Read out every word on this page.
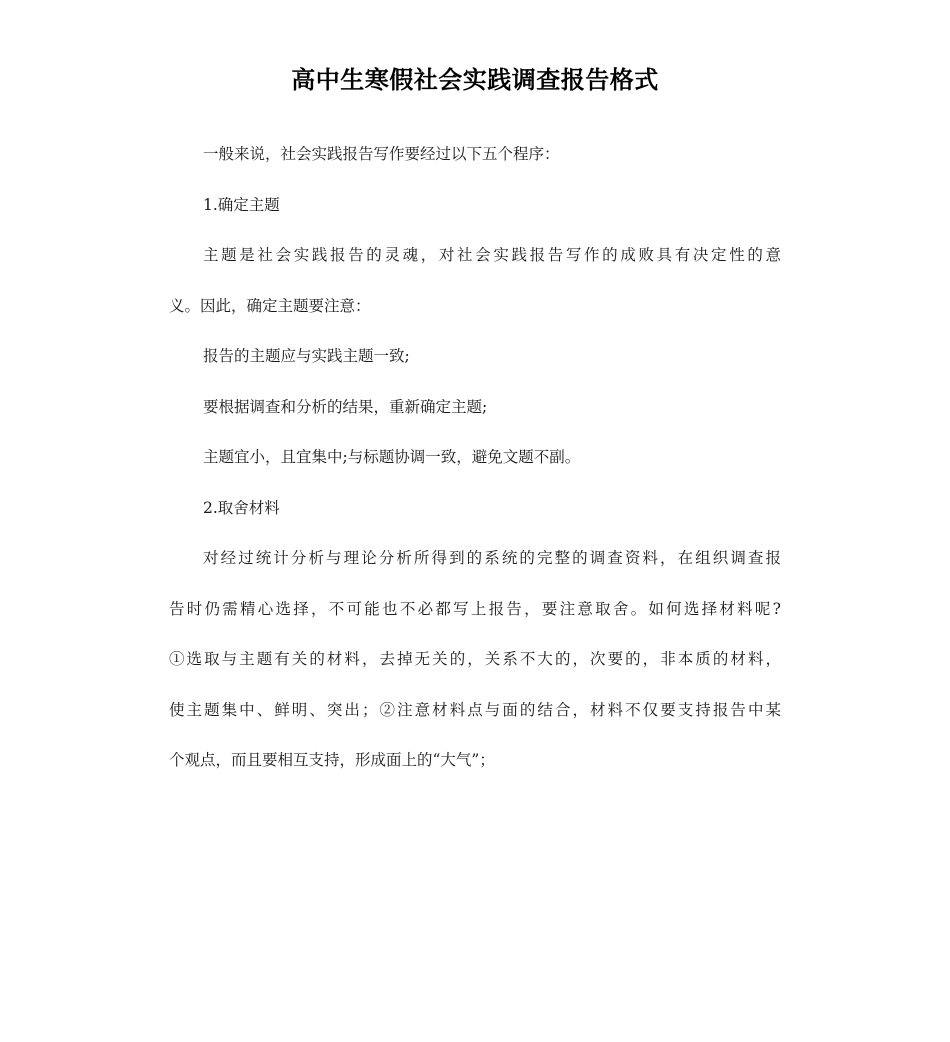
高中生寒假社会实践调查报告格式
一般来说，社会实践报告写作要经过以下五个程序：
1.确定主题
主题是社会实践报告的灵魂，对社会实践报告写作的成败具有决定性的意
义。因此，确定主题要注意：
报告的主题应与实践主题一致;
要根据调查和分析的结果，重新确定主题;
主题宜小，且宜集中;与标题协调一致，避免文题不副。
2.取舍材料
对经过统计分析与理论分析所得到的系统的完整的调查资料，在组织调查报
告时仍需精心选择，不可能也不必都写上报告，要注意取舍。如何选择材料呢?
①选取与主题有关的材料，去掉无关的，关系不大的，次要的，非本质的材料，
使主题集中、鲜明、突出；②注意材料点与面的结合，材料不仅要支持报告中某
个观点，而且要相互支持，形成面上的“大气”；
